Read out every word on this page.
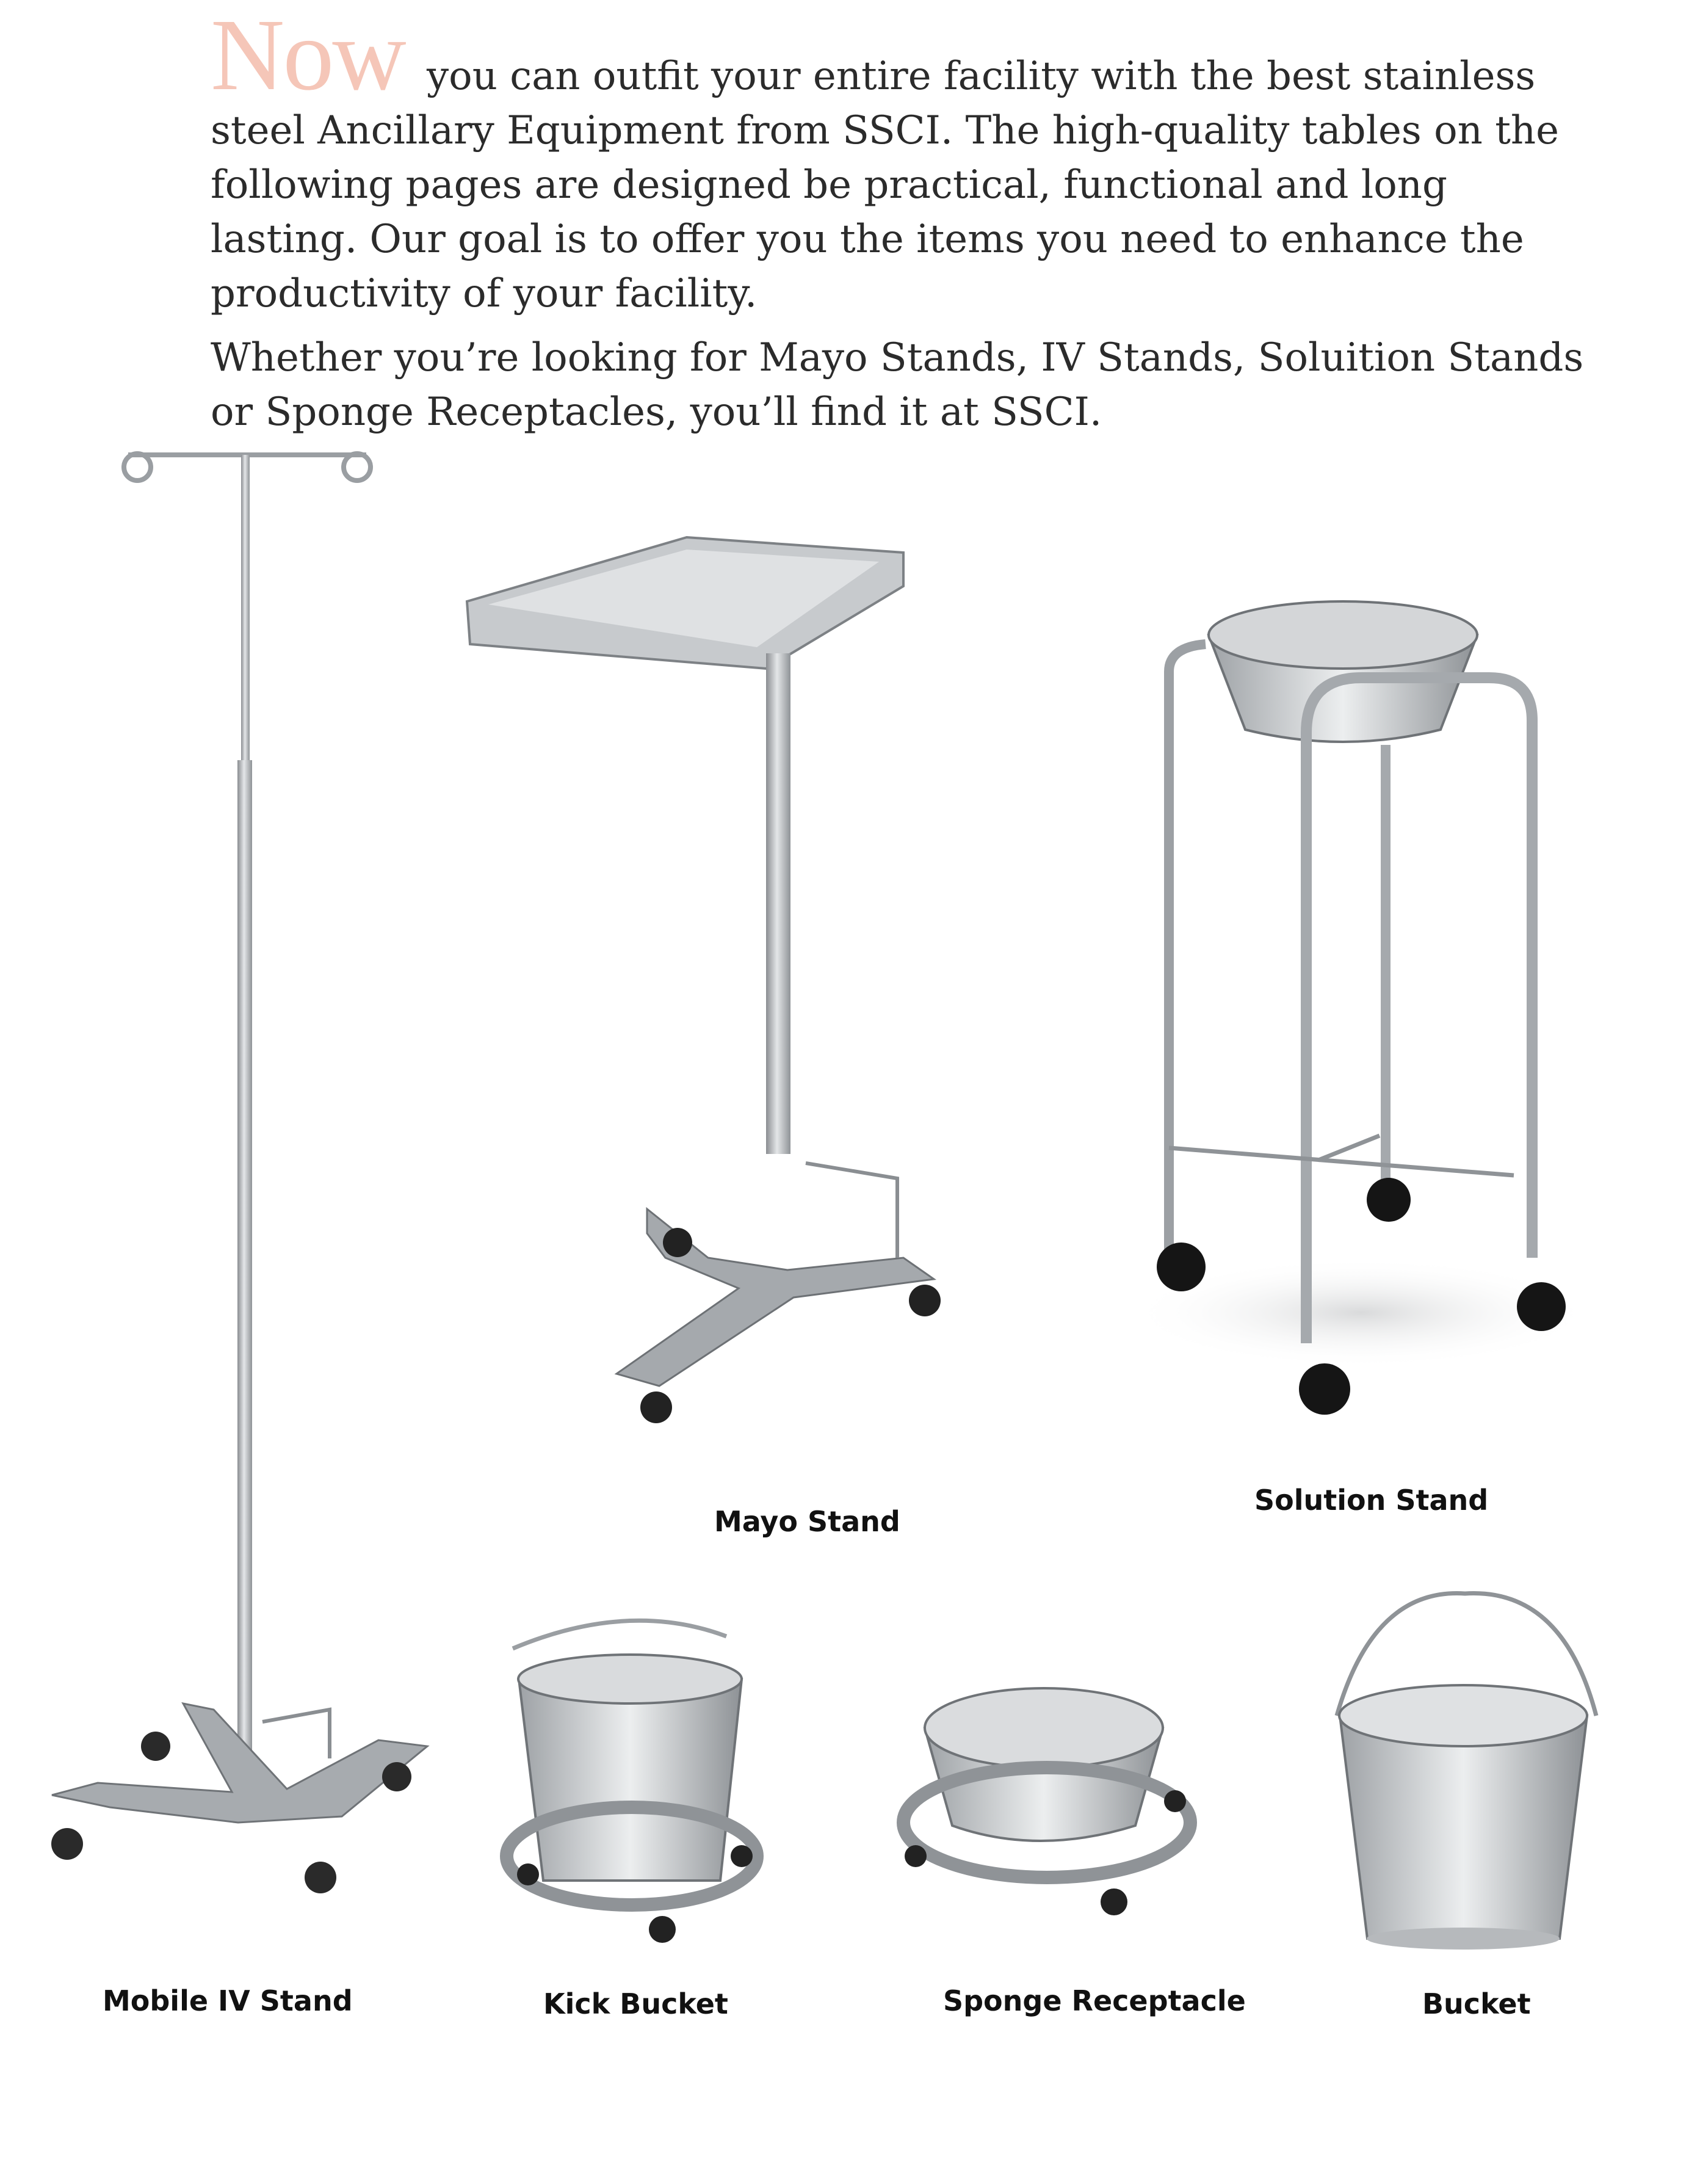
Now you can outfit your entire facility with the best stainless steel Ancillary Equipment from SSCI. The high-quality tables on the following pages are designed be practical, functional and long lasting. Our goal is to offer you the items you need to enhance the productivity of your facility.

Whether you’re looking for Mayo Stands, IV Stands, Soluition Stands or Sponge Receptacles, you’ll find it at SSCI.

Mayo Stand
Solution Stand
Mobile IV Stand	Kick Bucket	Sponge Receptacle	Bucket
